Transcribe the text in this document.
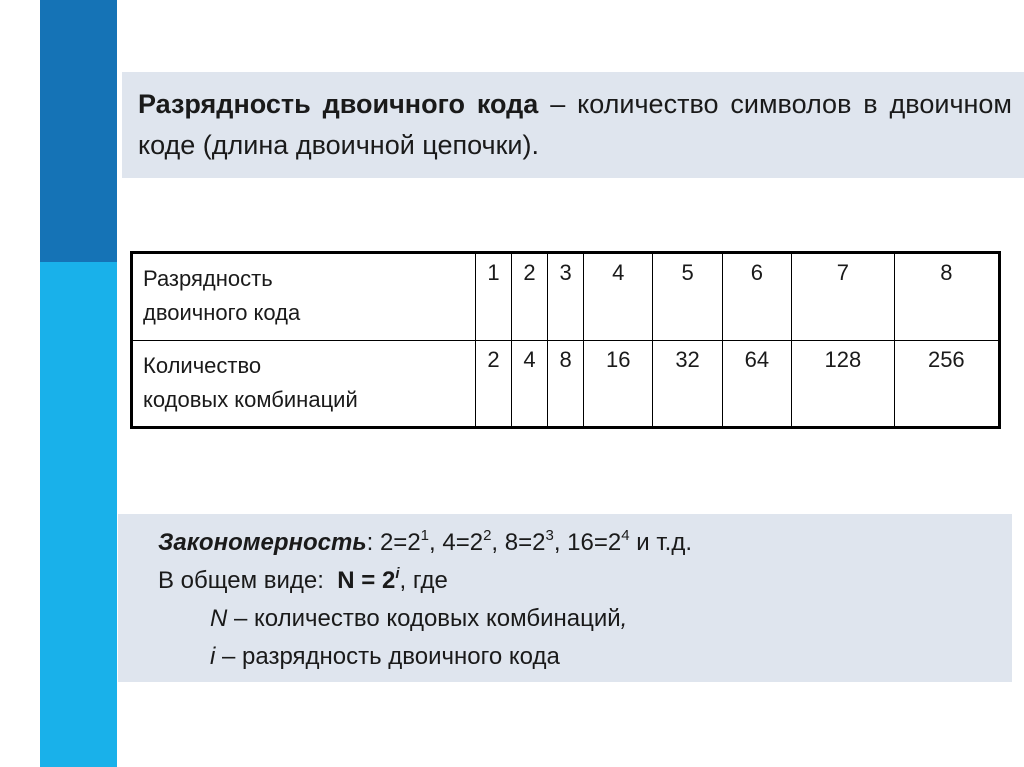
Разрядность двоичного кода – количество символов в двоичном коде (длина двоичной цепочки).
Разрядность
двоичного кода	1	2	3	4	5	6	7	8
Количество
кодовых комбинаций	2	4	8	16	32	64	128	256
Закономерность: $2=2^1$, $4=2^2$, $8=2^3$, $16=2^4$ и т.д.
В общем виде:  $N = 2^i$, где
N – количество кодовых комбинаций,
i – разрядность двоичного кода
